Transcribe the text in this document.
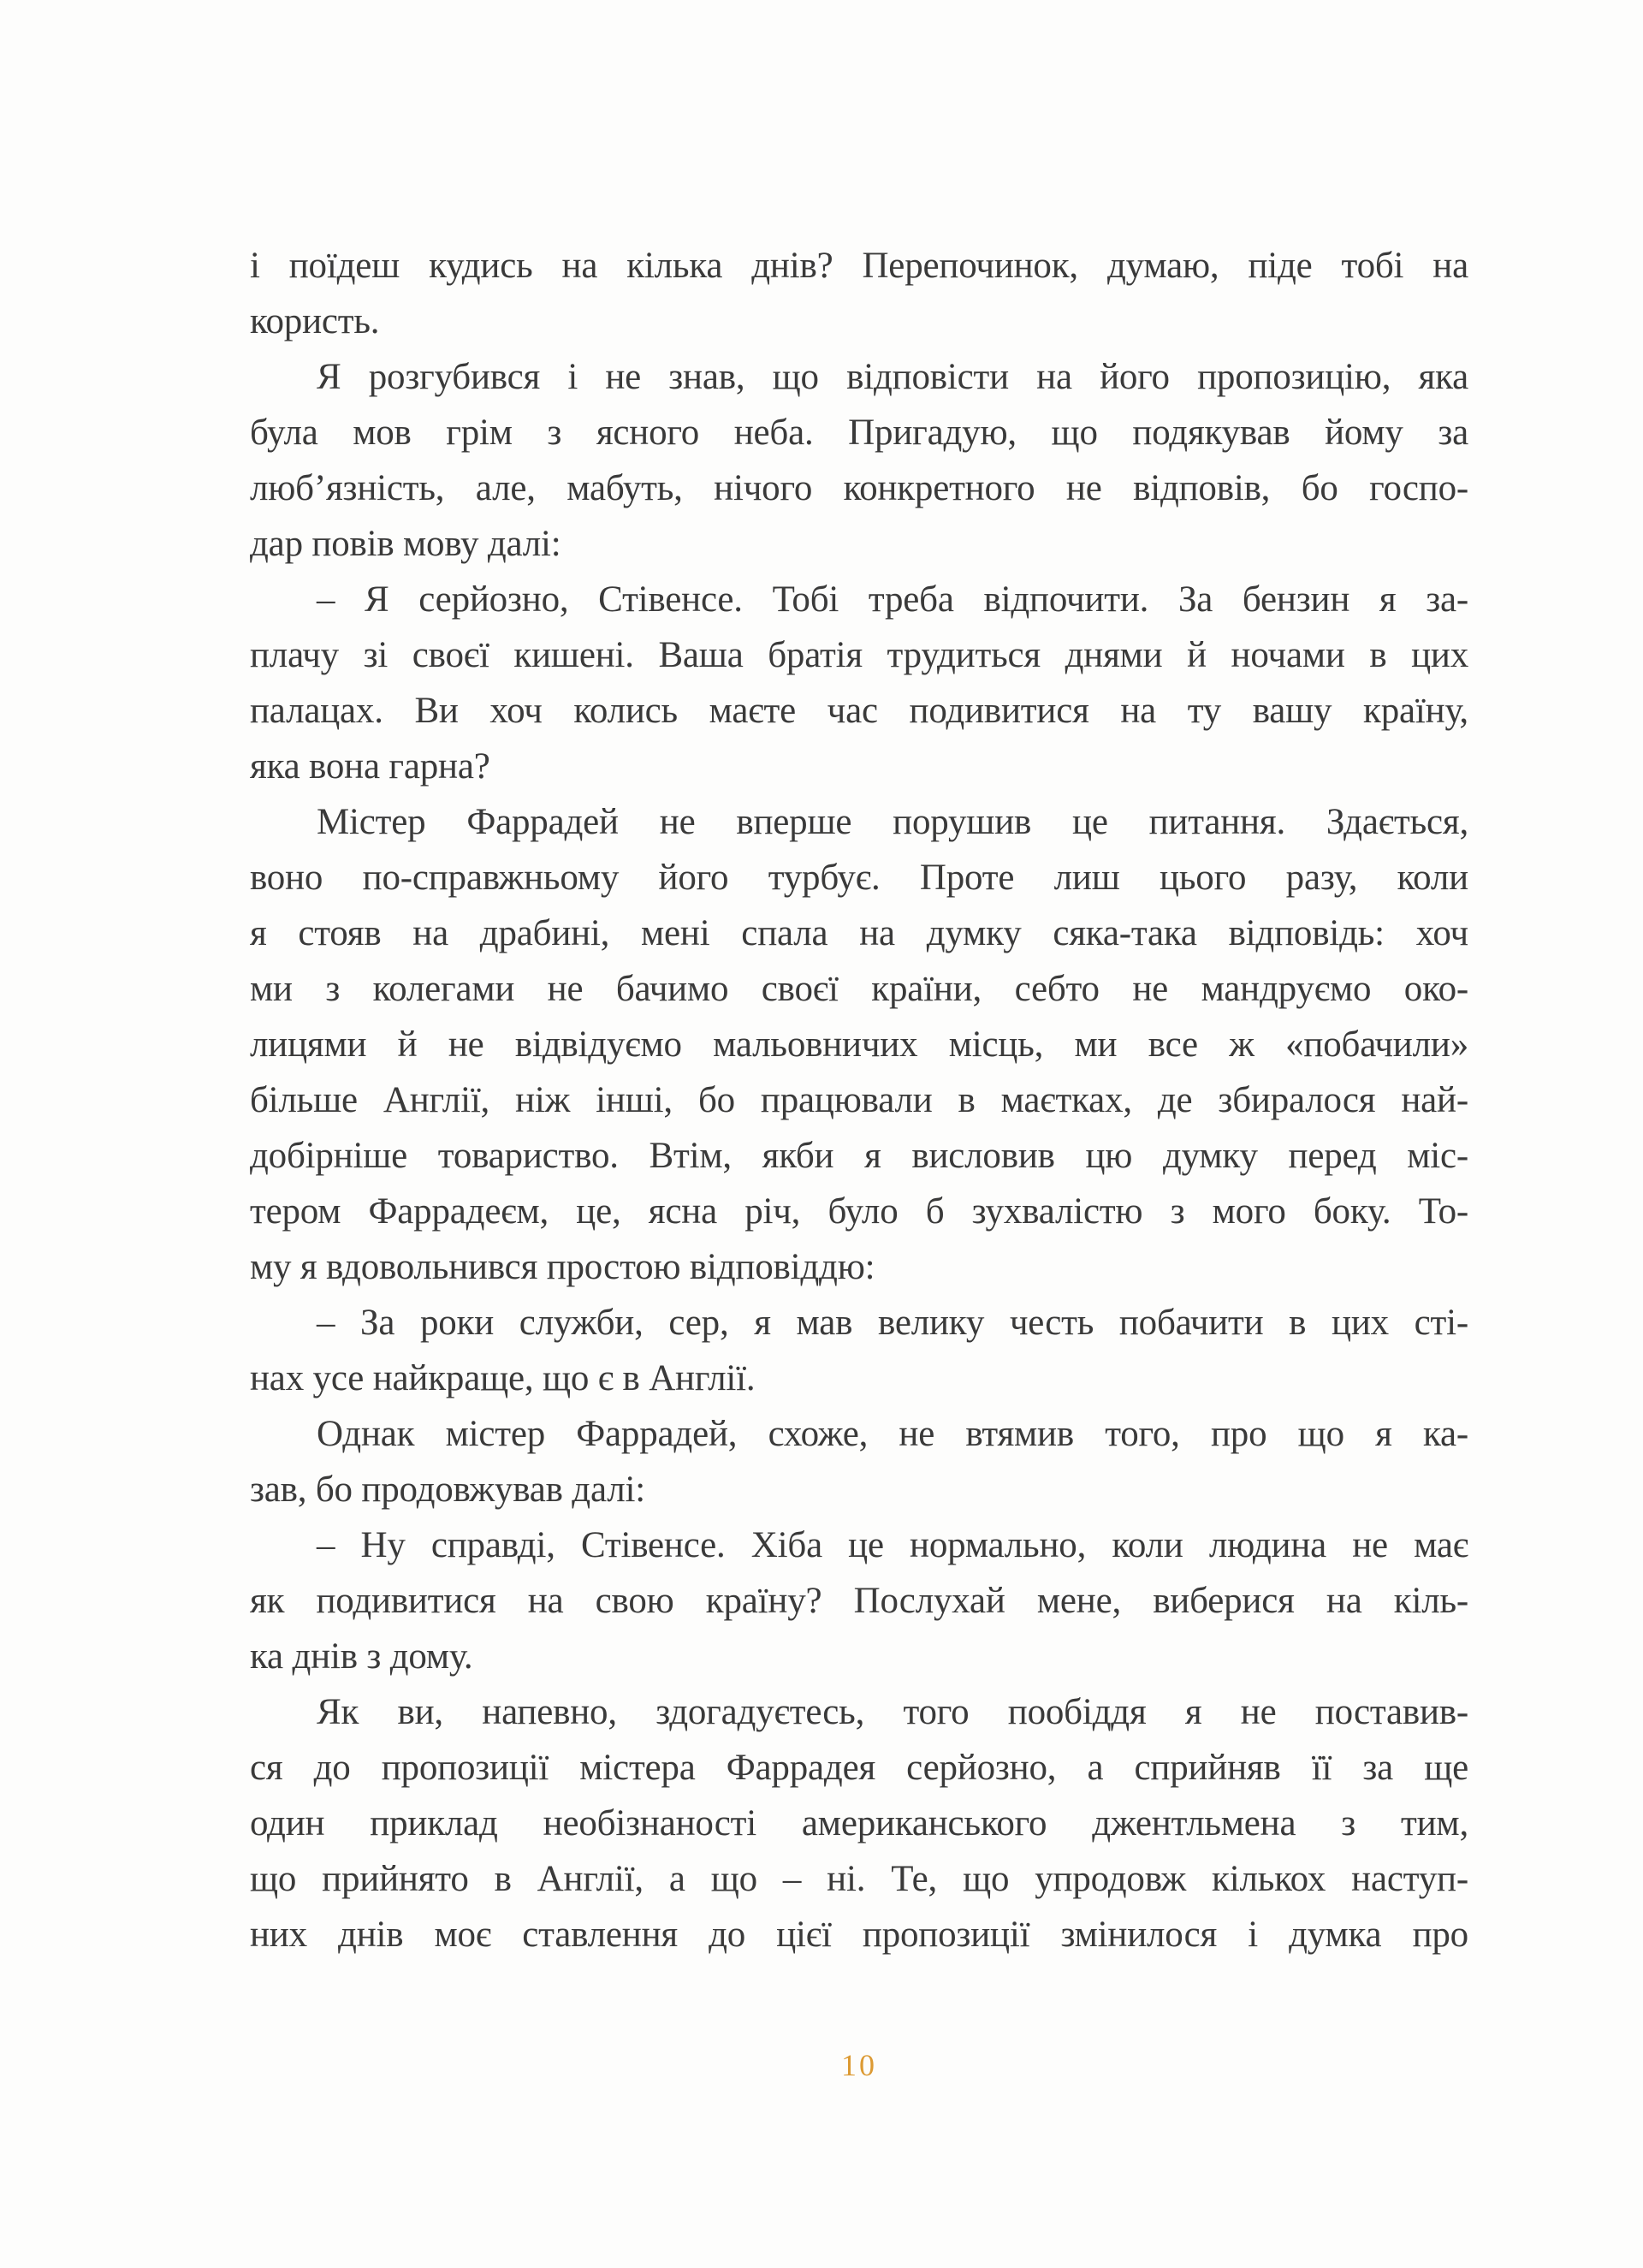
і поїдеш кудись на кілька днів? Перепочинок, думаю, піде тобі на
користь.
Я розгубився і не знав, що відповісти на його пропозицію, яка
була мов грім з ясного неба. Пригадую, що подякував йому за
люб’язність, але, мабуть, нічого конкретного не відповів, бо госпо-
дар повів мову далі:
– Я серйозно, Стівенсе. Тобі треба відпочити. За бензин я за-
плачу зі своєї кишені. Ваша братія трудиться днями й ночами в цих
палацах. Ви хоч колись маєте час подивитися на ту вашу країну,
яка вона гарна?
Містер Фаррадей не вперше порушив це питання. Здається,
воно по-справжньому його турбує. Проте лиш цього разу, коли
я стояв на драбині, мені спала на думку сяка-така відповідь: хоч
ми з колегами не бачимо своєї країни, себто не мандруємо око-
лицями й не відвідуємо мальовничих місць, ми все ж «побачили»
більше Англії, ніж інші, бо працювали в маєтках, де збиралося най-
добірніше товариство. Втім, якби я висловив цю думку перед міс-
тером Фаррадеєм, це, ясна річ, було б зухвалістю з мого боку. То-
му я вдовольнився простою відповіддю:
– За роки служби, сер, я мав велику честь побачити в цих сті-
нах усе найкраще, що є в Англії.
Однак містер Фаррадей, схоже, не втямив того, про що я ка-
зав, бо продовжував далі:
– Ну справді, Стівенсе. Хіба це нормально, коли людина не має
як подивитися на свою країну? Послухай мене, виберися на кіль-
ка днів з дому.
Як ви, напевно, здогадуєтесь, того пообіддя я не поставив-
ся до пропозиції містера Фаррадея серйозно, а сприйняв її за ще
один приклад необізнаності американського джентльмена з тим,
що прийнято в Англії, а що – ні. Те, що упродовж кількох наступ-
них днів моє ставлення до цієї пропозиції змінилося і думка про
10
